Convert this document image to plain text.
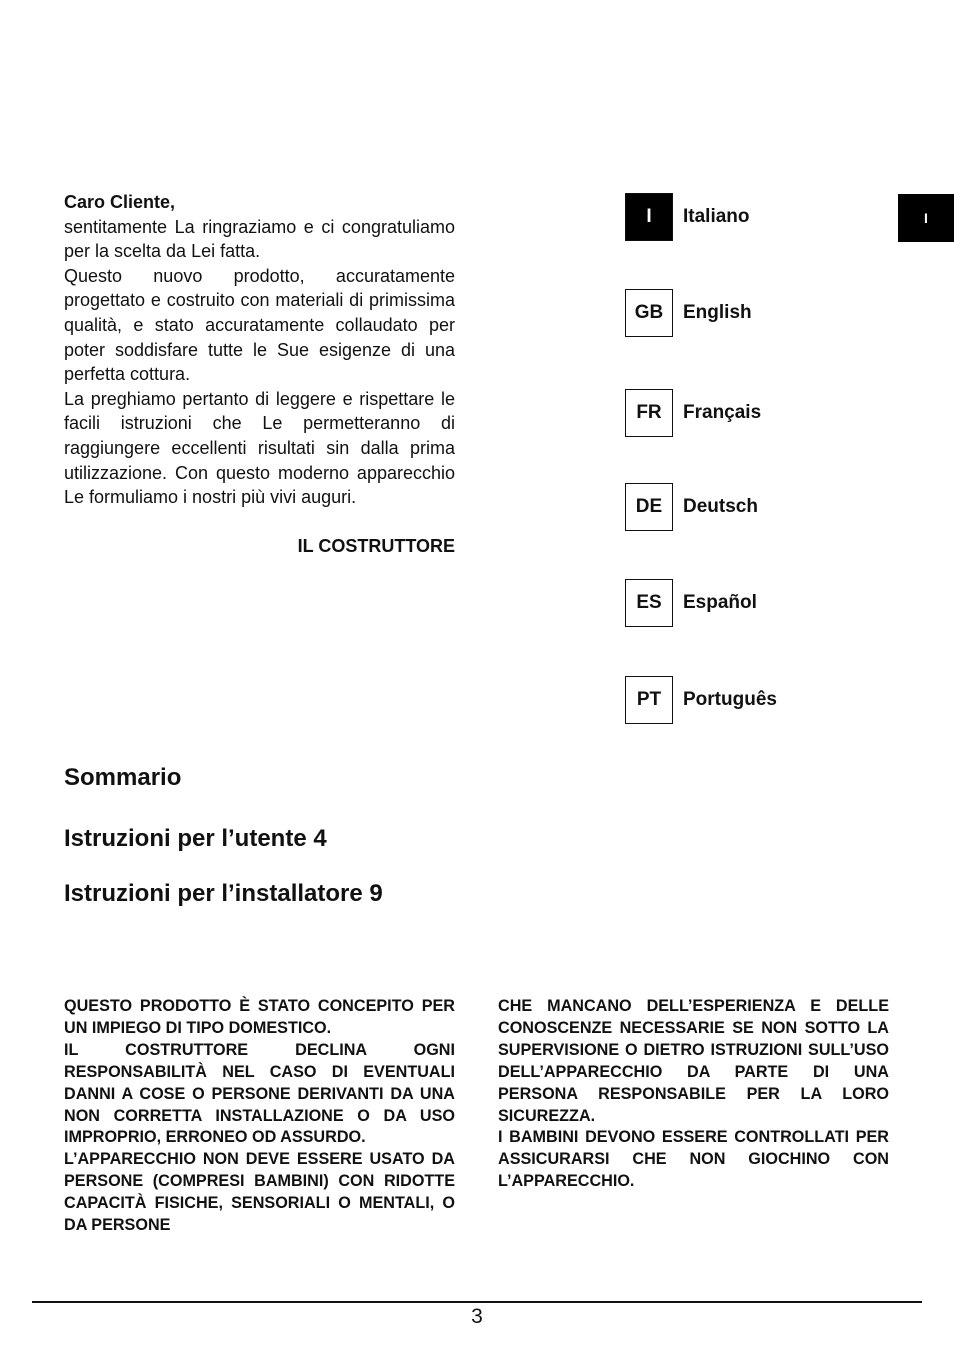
Caro Cliente,

sentitamente La ringraziamo e ci congratuliamo per la scelta da Lei fatta.

Questo nuovo prodotto, accuratamente progettato e costruito con materiali di primissima qualità, e stato accuratamente collaudato per poter soddisfare tutte le Sue esigenze di una perfetta cottura.

La preghiamo pertanto di leggere e rispettare le facili istruzioni che Le permetteranno di raggiungere eccellenti risultati sin dalla prima utilizzazione. Con questo moderno apparecchio Le formuliamo i nostri più vivi auguri.

IL COSTRUTTORE
I	Italiano
GB	English
FR	Français
DE	Deutsch
ES	Español
PT	Português
I
Sommario
Istruzioni per l’utente 4
Istruzioni per l’installatore 9

QUESTO PRODOTTO È STATO CONCEPITO PER UN IMPIEGO DI TIPO DOMESTICO.

IL COSTRUTTORE DECLINA OGNI RESPONSABILITÀ NEL CASO DI EVENTUALI DANNI A COSE O PERSONE DERIVANTI DA UNA NON CORRETTA INSTALLAZIONE O DA USO IMPROPRIO, ERRONEO OD ASSURDO.

L’APPARECCHIO NON DEVE ESSERE USATO DA PERSONE (COMPRESI BAMBINI) CON RIDOTTE CAPACITÀ FISICHE, SENSORIALI O MENTALI, O DA PERSONE

CHE MANCANO DELL’ESPERIENZA E DELLE CONOSCENZE NECESSARIE SE NON SOTTO LA SUPERVISIONE O DIETRO ISTRUZIONI SULL’USO DELL’APPARECCHIO DA PARTE DI UNA PERSONA RESPONSABILE PER LA LORO SICUREZZA.

I BAMBINI DEVONO ESSERE CONTROLLATI PER ASSICURARSI CHE NON GIOCHINO CON L’APPARECCHIO.

3
